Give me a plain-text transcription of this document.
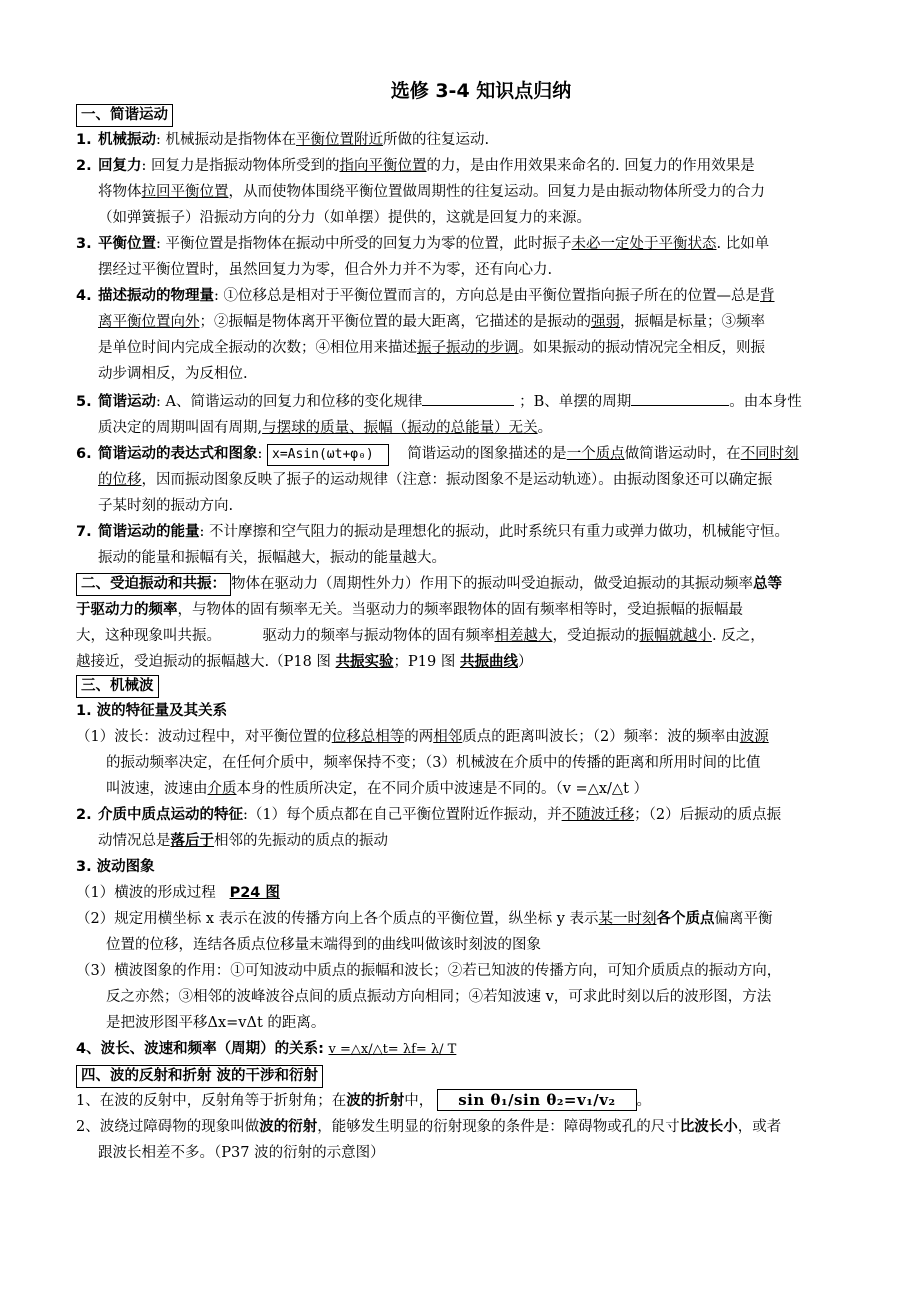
选修 3-4 知识点归纳
一、简谐运动
1. 机械振动: 机械振动是指物体在平衡位置附近所做的往复运动.
2. 回复力: 回复力是指振动物体所受到的指向平衡位置的力，是由作用效果来命名的. 回复力的作用效果是
将物体拉回平衡位置，从而使物体围绕平衡位置做周期性的往复运动。回复力是由振动物体所受力的合力
（如弹簧振子）沿振动方向的分力（如单摆）提供的，这就是回复力的来源。
3. 平衡位置: 平衡位置是指物体在振动中所受的回复力为零的位置，此时振子未必一定处于平衡状态. 比如单
摆经过平衡位置时，虽然回复力为零，但合外力并不为零，还有向心力.
4. 描述振动的物理量: ①位移总是相对于平衡位置而言的，方向总是由平衡位置指向振子所在的位置—总是背
离平衡位置向外；②振幅是物体离开平衡位置的最大距离，它描述的是振动的强弱，振幅是标量；③频率
是单位时间内完成全振动的次数；④相位用来描述振子振动的步调。如果振动的振动情况完全相反，则振
动步调相反，为反相位.
5. 简谐运动: A、简谐运动的回复力和位移的变化规律	；B、单摆的周期	。由本身性
质决定的周期叫固有周期,与摆球的质量、振幅（振动的总能量）无关。
6. 简谐运动的表达式和图象: x=Asin(ωt+φ₀) 简谐运动的图象描述的是一个质点做简谐运动时，在不同时刻
的位移，因而振动图象反映了振子的运动规律（注意：振动图象不是运动轨迹）。由振动图象还可以确定振
子某时刻的振动方向.
7. 简谐运动的能量: 不计摩擦和空气阻力的振动是理想化的振动，此时系统只有重力或弹力做功，机械能守恒。
振动的能量和振幅有关，振幅越大，振动的能量越大。
二、受迫振动和共振： 物体在驱动力（周期性外力）作用下的振动叫受迫振动，做受迫振动的其振动频率总等
于驱动力的频率，与物体的固有频率无关。当驱动力的频率跟物体的固有频率相等时，受迫振幅的振幅最
大，这种现象叫共振。	驱动力的频率与振动物体的固有频率相差越大，受迫振动的振幅就越小. 反之，
越接近，受迫振动的振幅越大.（P18 图 共振实验；P19 图 共振曲线）
三、机械波
1. 波的特征量及其关系
（1）波长：波动过程中，对平衡位置的位移总相等的两相邻质点的距离叫波长；（2）频率：波的频率由波源
的振动频率决定，在任何介质中，频率保持不变；（3）机械波在介质中的传播的距离和所用时间的比值
叫波速，波速由介质本身的性质所决定，在不同介质中波速是不同的。（v =△x/△t ）
2. 介质中质点运动的特征:（1）每个质点都在自己平衡位置附近作振动，并不随波迁移；（2）后振动的质点振
动情况总是落后于相邻的先振动的质点的振动
3. 波动图象
（1）横波的形成过程   P24 图
（2）规定用横坐标 x 表示在波的传播方向上各个质点的平衡位置，纵坐标 y 表示某一时刻各个质点偏离平衡
位置的位移，连结各质点位移量末端得到的曲线叫做该时刻波的图象
（3）横波图象的作用：①可知波动中质点的振幅和波长；②若已知波的传播方向，可知介质质点的振动方向，
反之亦然；③相邻的波峰波谷点间的质点振动方向相同；④若知波速 v，可求此时刻以后的波形图，方法
是把波形图平移Δx=vΔt 的距离。
4、波长、波速和频率（周期）的关系: v =△x/△t= λf= λ/ T
四、波的反射和折射 波的干涉和衍射
1、在波的反射中，反射角等于折射角；在波的折射中， sin θ₁/sin θ₂=v₁/v₂ 。
2、波绕过障碍物的现象叫做波的衍射，能够发生明显的衍射现象的条件是：障碍物或孔的尺寸比波长小，或者
跟波长相差不多。（P37 波的衍射的示意图）
